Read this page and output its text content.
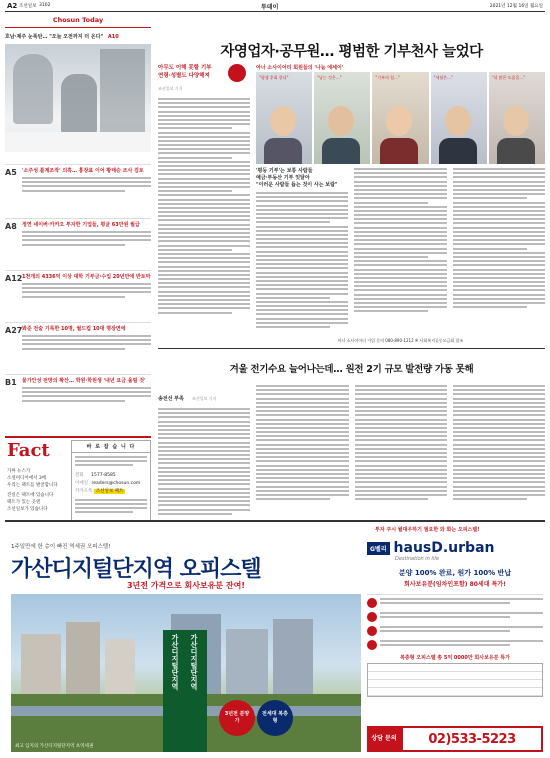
A2 조선일보 3102	투데이	2021년 12월 16일 월요일
Chosun Today
호남·제주 눈폭탄… "오늘 오전까지 더 온다" A10
A5 '소주성 틀계조작' 의혹… 홍장표 이어 황태승 조사 검토
A8 정연 네이버·카카오 투자한 기업들, 평균 63만원 월급
A12 1천개의 4336억 이상 대학 기부금·수입 20년만에 반토막
A27 봐준 전술 기록한 10명, 월드컵 10대 명장면에
B1 물가안성 전망의 확산… 학원·학원생 '내년 요금 올릴 것'
Fact
가짜 뉴스가
소셜미디어에서 3배
우리는 팩트를 발굴합니다
진실은 팩트에 있습니다
팩트가 있는 곳엔
조선일보가 있습니다
바 로 잡 습 니 다
전화 1577-8585
이메일 readers@chosun.com
카카오톡 조선일보 팩트
자영업자·공무원… 평범한 기부천사 늘었다
아무도 이해 못할 기부
연령·성별도 다양해져
조선일보 기자
아너 소사이어티 회원들의 '나눔 에세이'
"평생 후회 한다"	"남는 것은…"	"기부의 힘…"	"세월은…"	"더 많은 도움을…"
'평등 기부'는 보통 사람들
예금·부동산 기부 잇달아
"이러운 사람들 돕는 것이 사는 보람"
아너 소사이어티 가입 문의 080-890-1212 ※ 사회복지공동모금회 참조
겨울 전기수요 늘어나는데… 원전 2기 규모 발전량 가동 못해
송전선 부족 조선일보 기자
투자 쿠시 월대우하기 필요한 와 화는 오피스텔!
1주일만에 한 층이 빠진 역세권 오피스텔!
가산디지털단지역 오피스텔
3년전 가격으로 회사보유분 잔여!
가산디지털단지역	가산디지털단지역
3년전 분양가
전세대 복층형
최고 입지의 가산디지털단지역 초역세권
G벨리 hausD.urban
Destination in life
분양 100% 완료, 원가 100% 반납
회사보유분(임차인포함) 80세대 특가!
복층형 오피스텔 총 5억 0000만 회사보유분 특가
상담 문의	02)533-5223
